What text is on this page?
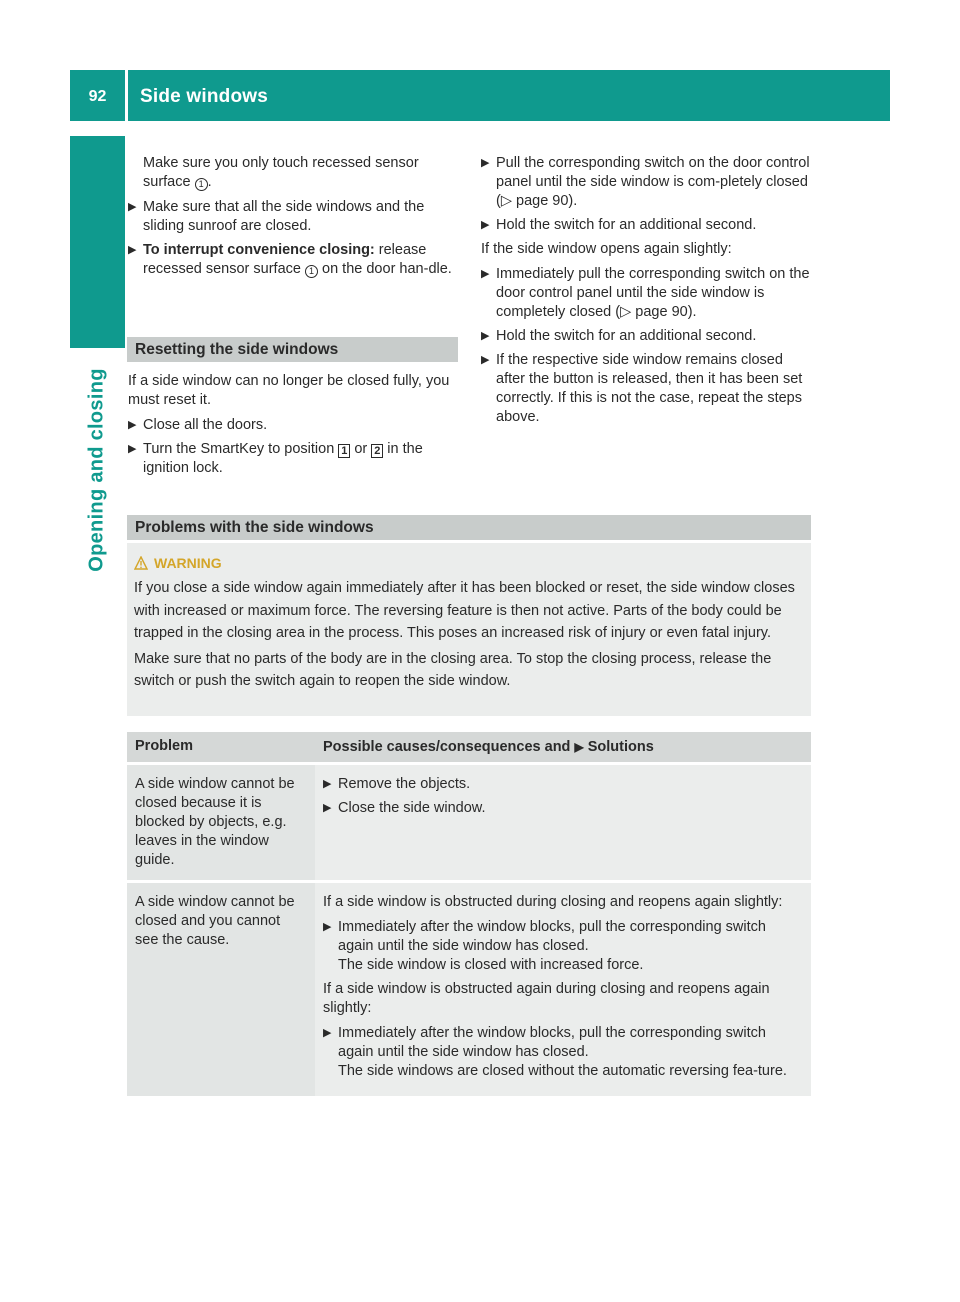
92	Side windows
Opening and closing
Make sure you only touch recessed sensor surface 1 .
▶ Make sure that all the side windows and the sliding sunroof are closed.
▶ To interrupt convenience closing: release recessed sensor surface 1 on the door han-dle.
Resetting the side windows
If a side window can no longer be closed fully, you must reset it.
▶ Close all the doors.
▶ Turn the SmartKey to position 1 or 2 in the ignition lock.
▶ Pull the corresponding switch on the door control panel until the side window is com-pletely closed (▷ page 90).
▶ Hold the switch for an additional second.
If the side window opens again slightly:
▶ Immediately pull the corresponding switch on the door control panel until the side window is completely closed (▷ page 90).
▶ Hold the switch for an additional second.
▶ If the respective side window remains closed after the button is released, then it has been set correctly. If this is not the case, repeat the steps above.
Problems with the side windows
WARNING
If you close a side window again immediately after it has been blocked or reset, the side window closes with increased or maximum force. The reversing feature is then not active. Parts of the body could be trapped in the closing area in the process. This poses an increased risk of injury or even fatal injury.
Make sure that no parts of the body are in the closing area. To stop the closing process, release the switch or push the switch again to reopen the side window.
Problem	Possible causes/consequences and ▶ Solutions
A side window cannot be closed because it is blocked by objects, e.g. leaves in the window guide.
▶ Remove the objects.
▶ Close the side window.
A side window cannot be closed and you cannot see the cause.
If a side window is obstructed during closing and reopens again slightly:
▶ Immediately after the window blocks, pull the corresponding switch again until the side window has closed.
The side window is closed with increased force.
If a side window is obstructed again during closing and reopens again slightly:
▶ Immediately after the window blocks, pull the corresponding switch again until the side window has closed.
The side windows are closed without the automatic reversing fea-ture.
